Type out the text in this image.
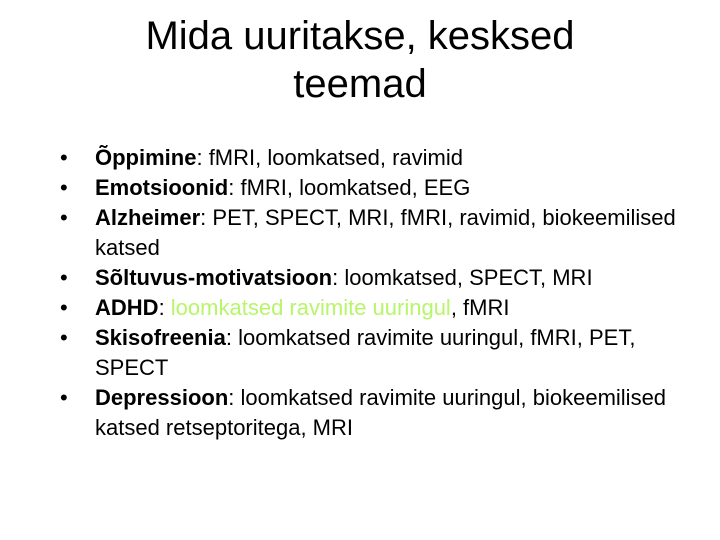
Mida uuritakse, kesksed
teemad
•	Õppimine: fMRI, loomkatsed, ravimid
•	Emotsioonid: fMRI, loomkatsed, EEG
•	Alzheimer: PET, SPECT, MRI, fMRI, ravimid, biokeemilised katsed
•	Sõltuvus-motivatsioon: loomkatsed, SPECT, MRI
•	ADHD: loomkatsed ravimite uuringul, fMRI
•	Skisofreenia: loomkatsed ravimite uuringul, fMRI, PET, SPECT
•	Depressioon: loomkatsed ravimite uuringul, biokeemilised katsed retseptoritega, MRI
